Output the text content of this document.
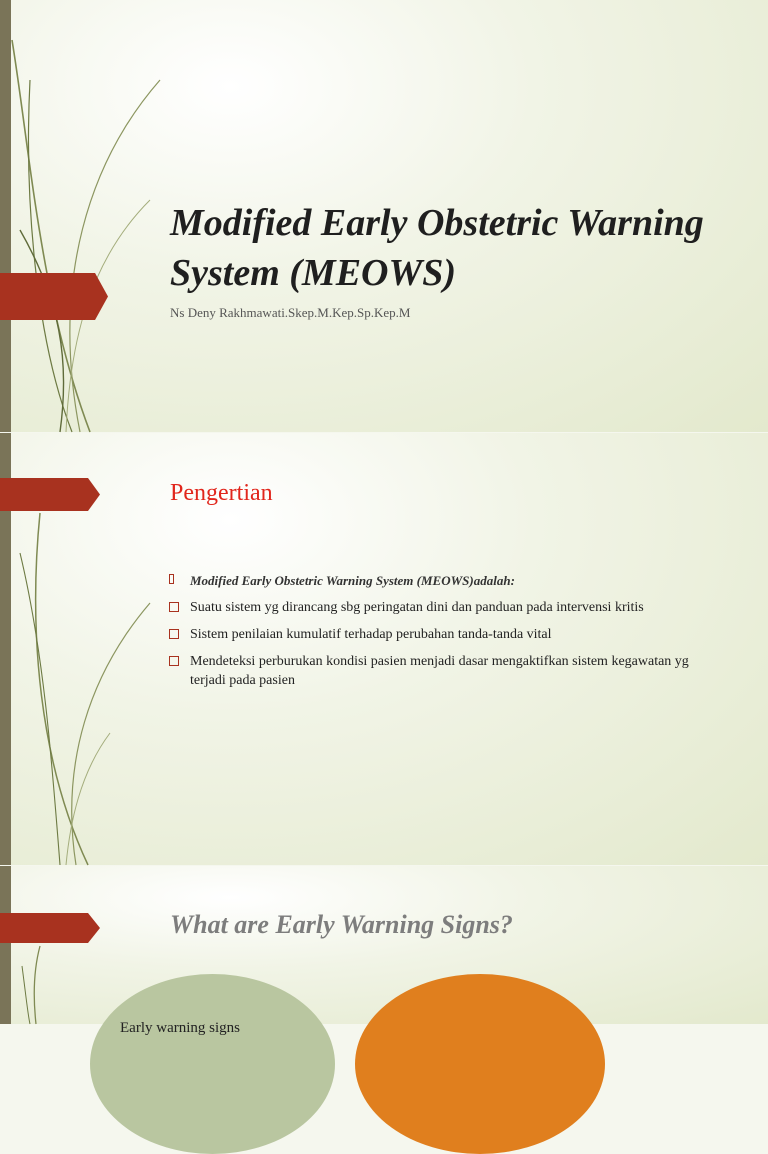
Modified Early Obstetric Warning System (MEOWS)

Ns Deny Rakhmawati.Skep.M.Kep.Sp.Kep.M

Pengertian
Modified Early Obstetric Warning System (MEOWS)adalah:
Suatu sistem yg dirancang sbg peringatan dini dan panduan pada intervensi kritis
Sistem penilaian kumulatif terhadap perubahan tanda-tanda vital
Mendeteksi perburukan kondisi pasien menjadi dasar mengaktifkan sistem kegawatan yg terjadi pada pasien
What are Early Warning Signs?
Early warning signs
